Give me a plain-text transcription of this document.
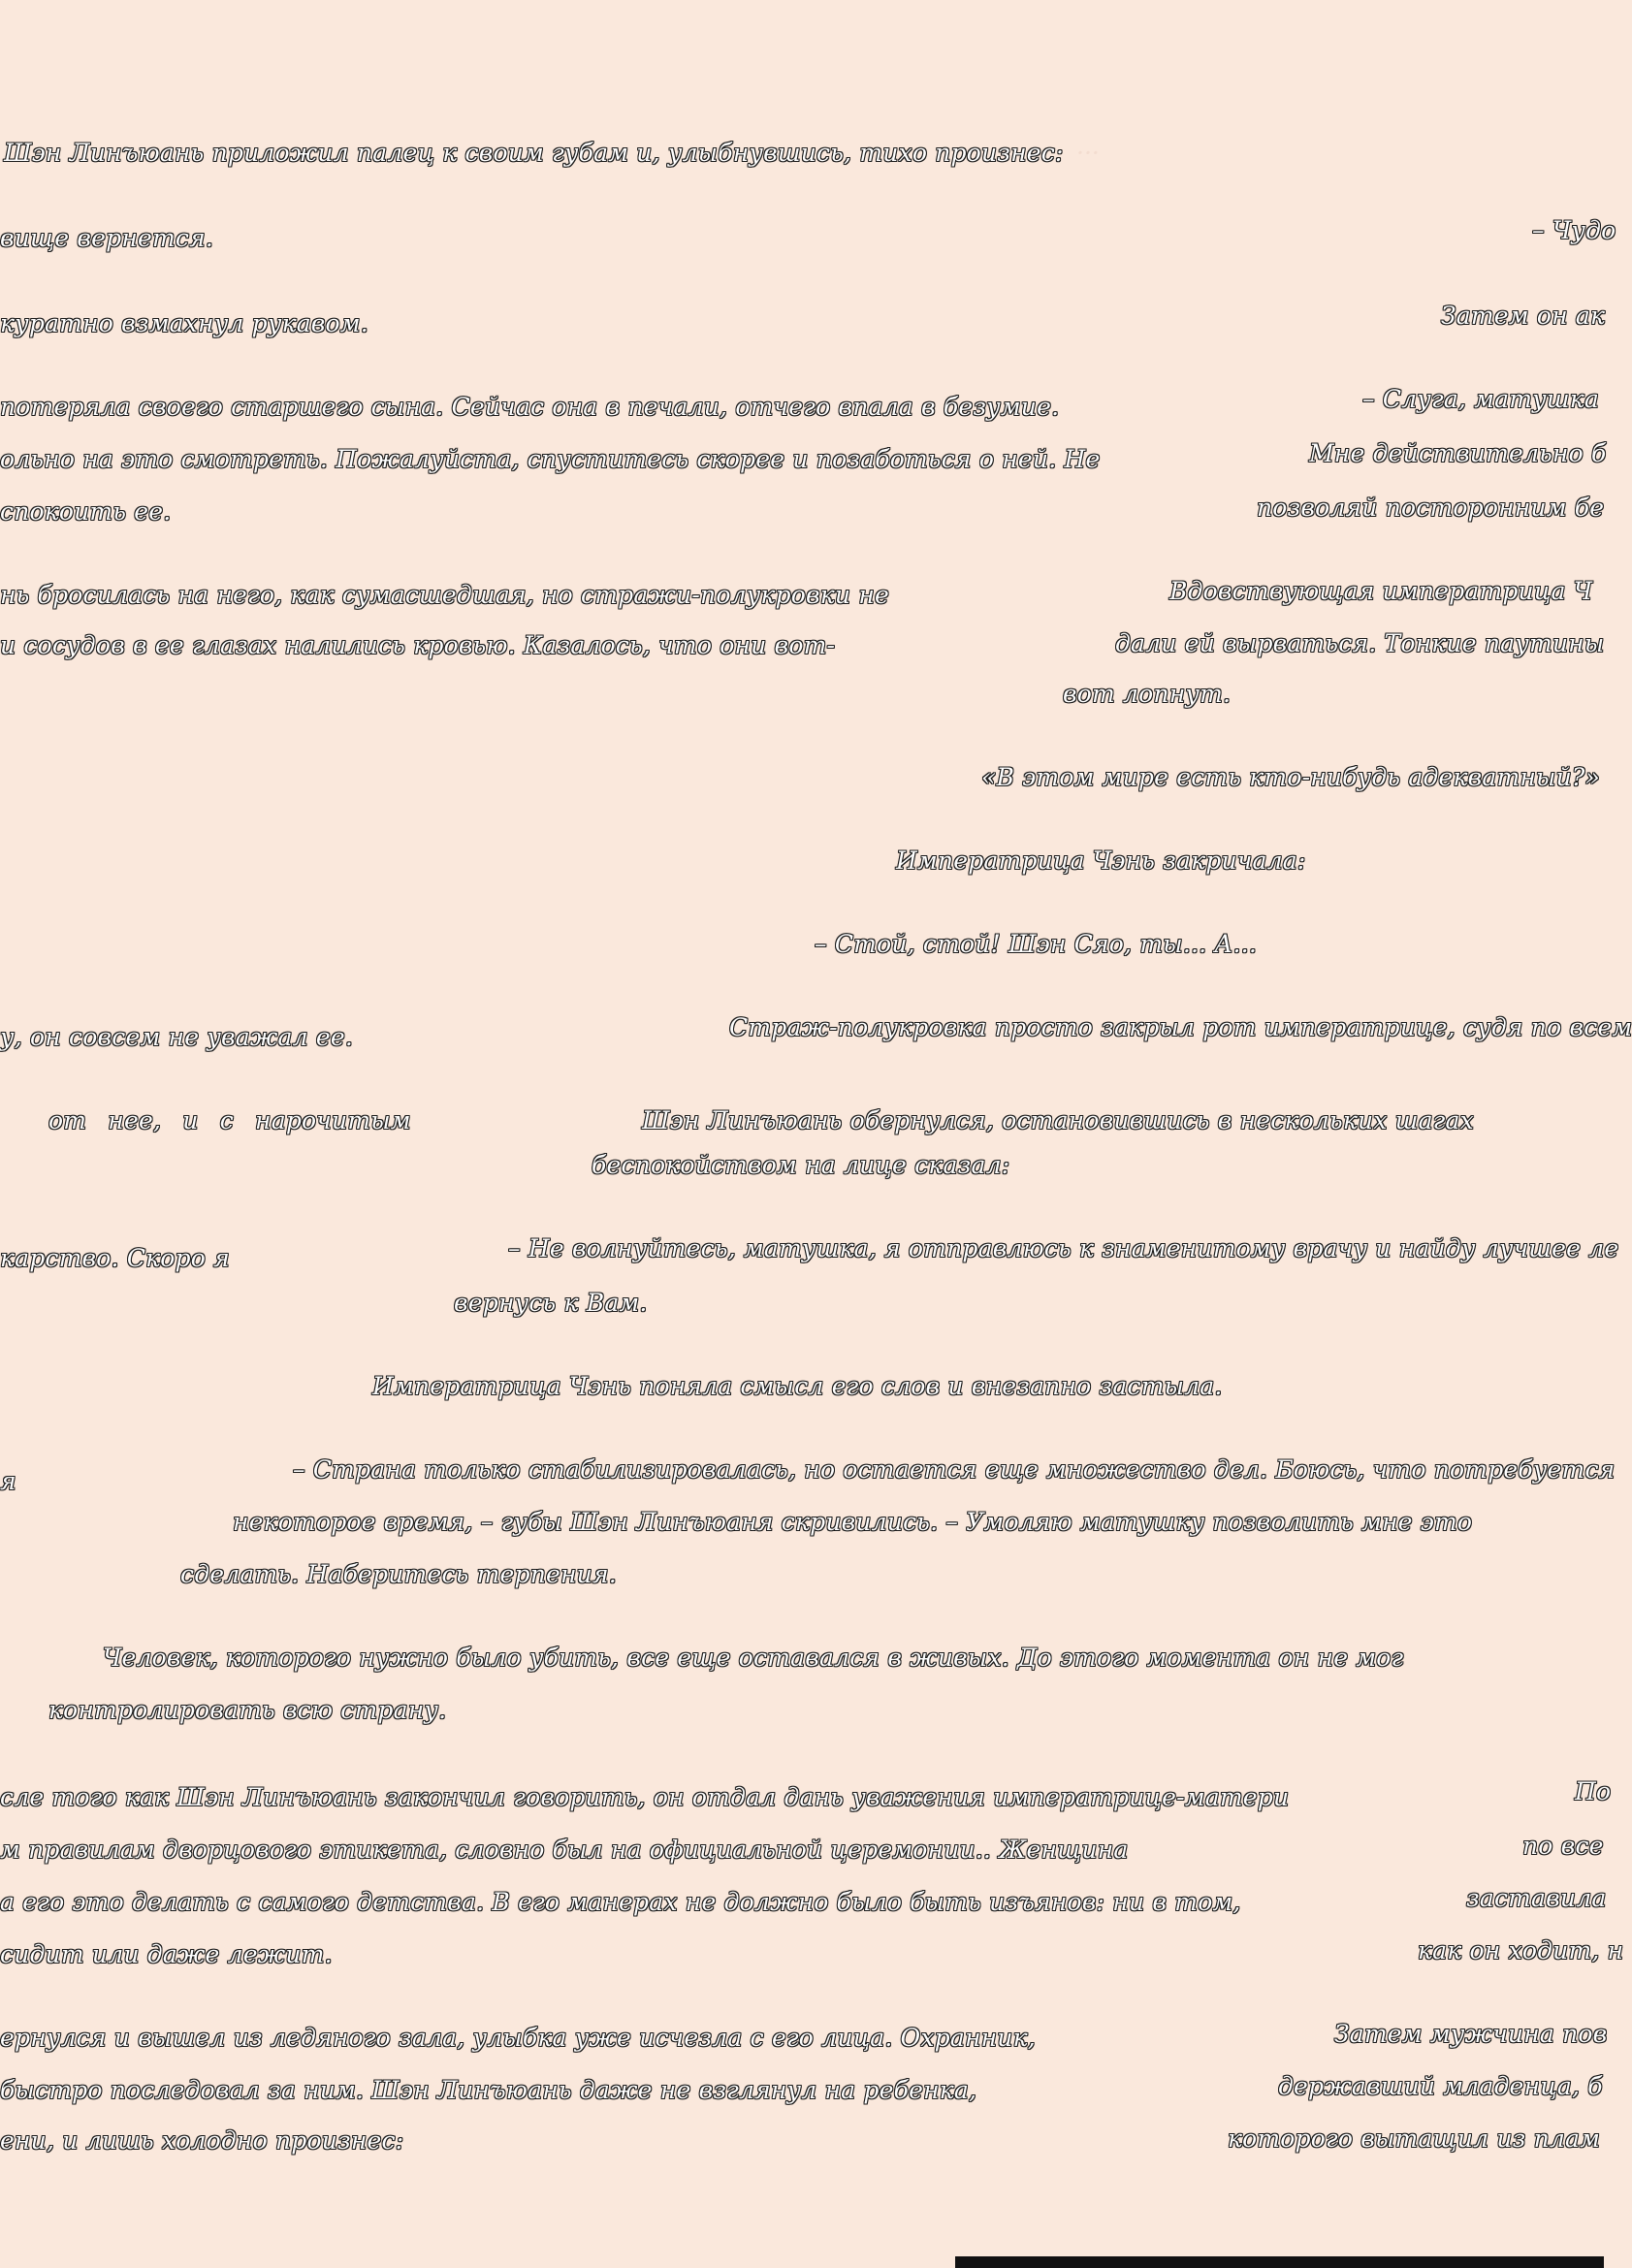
···
Шэн Линъюань приложил палец к своим губам и, улыбнувшись, тихо произнес:
– Чудо
вище вернется.
Затем он ак
куратно взмахнул рукавом.
– Слуга, матушка
потеряла своего старшего сына. Сейчас она в печали, отчего впала в безумие.
Мне действительно б
ольно на это смотреть. Пожалуйста, спуститесь скорее и позаботься о ней. Не
позволяй посторонним бе
спокоить ее.
Вдовствующая императрица Ч
нь бросилась на него, как сумасшедшая, но стражи-полукровки не
дали ей вырваться. Тонкие паутины
и сосудов в ее глазах налились кровью. Казалось, что они вот-
вот лопнут.
«В этом мире есть кто-нибудь адекватный?»
Императрица Чэнь закричала:
– Стой, стой! Шэн Сяо, ты... А...
Страж-полукровка просто закрыл рот императрице, судя по всем
у, он совсем не уважал ее.
Шэн Линъюань обернулся, остановившись в нескольких шагах
от нее, и с нарочитым
беспокойством на лице сказал:
– Не волнуйтесь, матушка, я отправлюсь к знаменитому врачу и найду лучшее ле
карство. Скоро я
вернусь к Вам.
Императрица Чэнь поняла смысл его слов и внезапно застыла.
– Страна только стабилизировалась, но остается еще множество дел. Боюсь, что потребуется
я
некоторое время, – губы Шэн Линъюаня скривились. – Умоляю матушку позволить мне это
сделать. Наберитесь терпения.
Человек, которого нужно было убить, все еще оставался в живых. До этого момента он не мог
контролировать всю страну.
По
сле того как Шэн Линъюань закончил говорить, он отдал дань уважения императрице-матери
по все
м правилам дворцового этикета, словно был на официальной церемонии.. Женщина
заставила
а его это делать с самого детства. В его манерах не должно было быть изъянов: ни в том,
как он ходит, н
сидит или даже лежит.
Затем мужчина пов
ернулся и вышел из ледяного зала, улыбка уже исчезла с его лица. Охранник,
державший младенца, б
быстро последовал за ним. Шэн Линъюань даже не взглянул на ребенка,
которого вытащил из плам
ени, и лишь холодно произнес:
